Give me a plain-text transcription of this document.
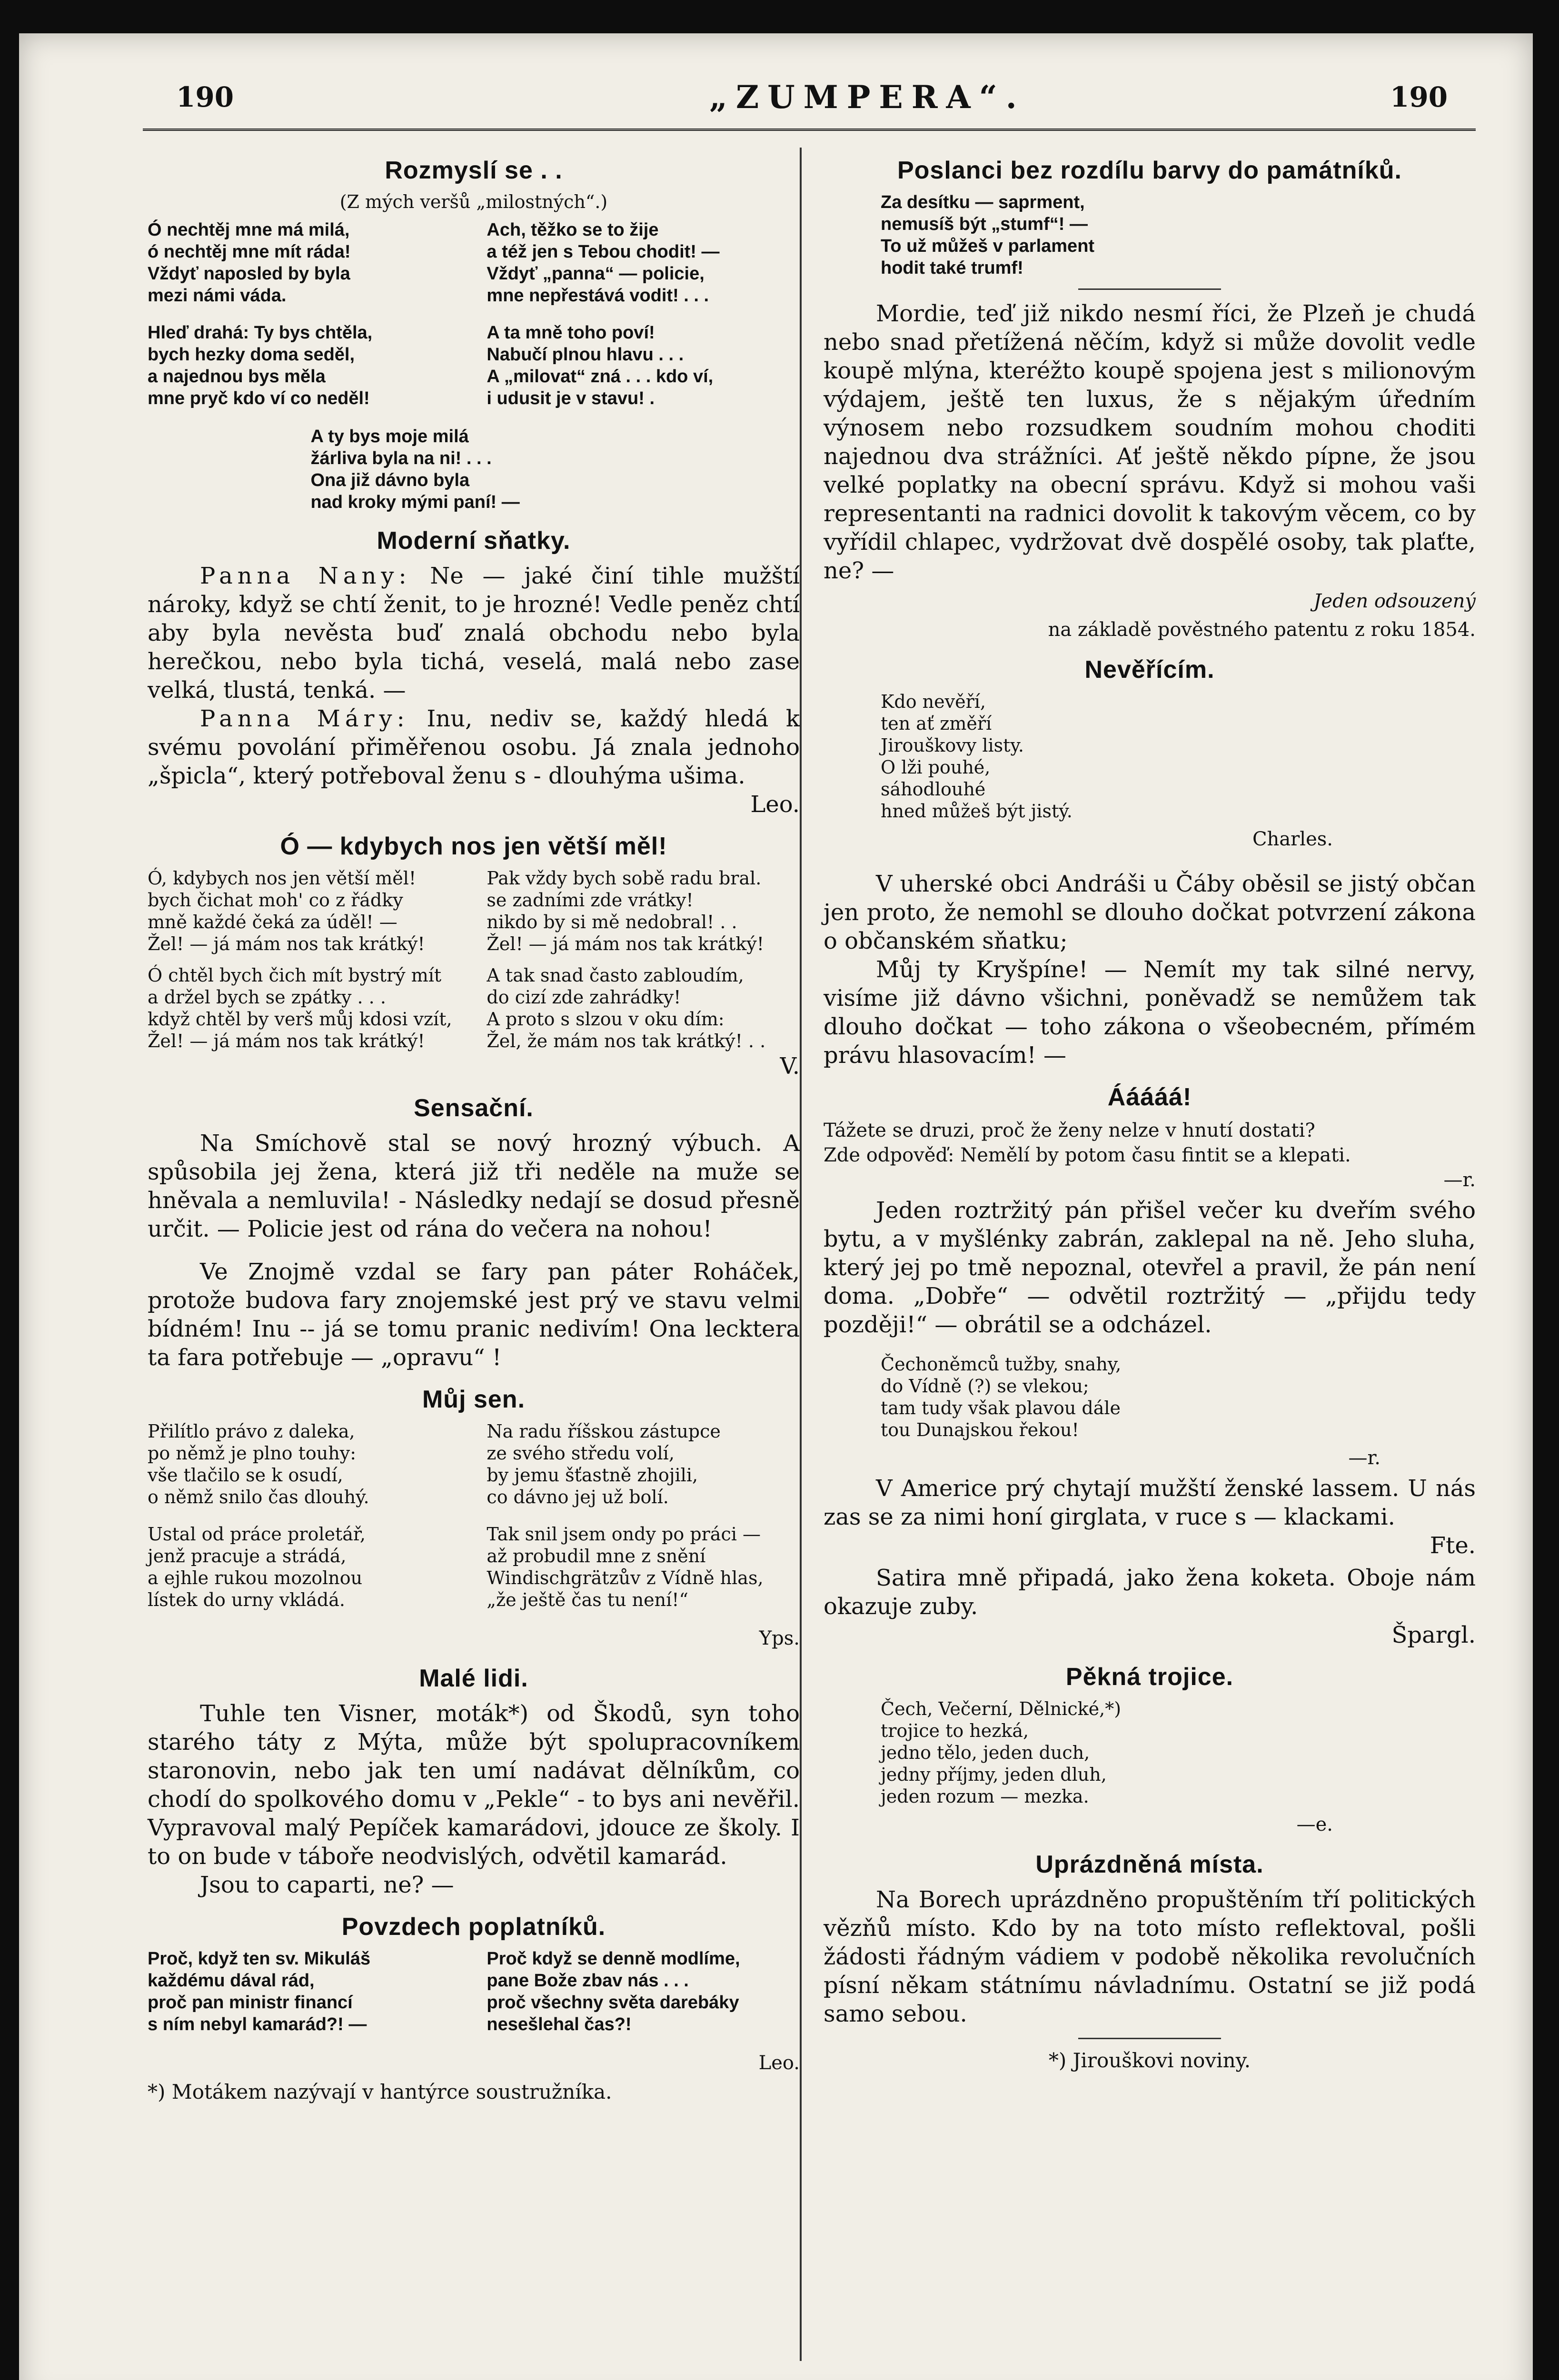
190	„ZUMPERA“.	190
Rozmyslí se . .
(Z mých veršů „milostných“.)
Ó nechtěj mne má milá,
ó nechtěj mne mít ráda!
Vždyť naposled by byla
mezi námi váda.
Ach, těžko se to žije
a též jen s Tebou chodit! —
Vždyť „panna“ — policie,
mne nepřestává vodit! . . .
Hleď drahá: Ty bys chtěla,
bych hezky doma seděl,
a najednou bys měla
mne pryč kdo ví co neděl!
A ta mně toho poví!
Nabučí plnou hlavu . . .
A „milovat“ zná . . . kdo ví,
i udusit je v stavu! .
A ty bys moje milá
žárliva byla na ni! . . .
Ona již dávno byla
nad kroky mými paní! —
Moderní sňatky.

Panna Nany: Ne — jaké činí tihle mužští nároky, když se chtí ženit, to je hrozné! Vedle peněz chtí aby byla nevěsta buď znalá obchodu nebo byla herečkou, nebo byla tichá, veselá, malá nebo zase velká, tlustá, tenká. —

Panna Máry: Inu, nediv se, každý hledá k svému povolání přiměřenou osobu. Já znala jednoho „špicla“, který potřeboval ženu s - dlouhýma ušima.

Leo.
Ó — kdybych nos jen větší měl!
Ó, kdybych nos jen větší měl!	Pak vždy bych sobě radu bral.
bych čichat moh' co z řádky	se zadními zde vrátky!
mně každé čeká za úděl! —	nikdo by si mě nedobral! . .
Žel! — já mám nos tak krátký!	Žel! — já mám nos tak krátký!
Ó chtěl bych čich mít bystrý mít	A tak snad často zabloudím,
a držel bych se zpátky . . .	do cizí zde zahrádky!
když chtěl by verš můj kdosi vzít,	A proto s slzou v oku dím:
Žel! — já mám nos tak krátký!	Žel, že mám nos tak krátký! . .
V.
Sensační.

Na Smíchově stal se nový hrozný výbuch. A spůsobila jej žena, která již tři neděle na muže se hněvala a nemluvila! - Následky nedají se dosud přesně určit. — Policie jest od rána do večera na nohou!

Ve Znojmě vzdal se fary pan páter Roháček, protože budova fary znojemské jest prý ve stavu velmi bídném! Inu -- já se tomu pranic nedivím! Ona lecktera ta fara potřebuje — „opravu“ !

Můj sen.
Přilítlo právo z daleka,
po němž je plno touhy:
vše tlačilo se k osudí,
o němž snilo čas dlouhý.
Na radu říšskou zástupce
ze svého středu volí,
by jemu šťastně zhojili,
co dávno jej už bolí.
Ustal od práce proletář,
jenž pracuje a strádá,
a ejhle rukou mozolnou
lístek do urny vkládá.
Tak snil jsem ondy po práci —
až probudil mne z snění
Windischgrätzův z Vídně hlas,
„že ještě čas tu není!“
Yps.
Malé lidi.

Tuhle ten Visner, moták*) od Škodů, syn toho starého táty z Mýta, může být spolupracovníkem staronovin, nebo jak ten umí nadávat dělníkům, co chodí do spolkového domu v „Pekle“ - to bys ani nevěřil. Vypravoval malý Pepíček kamarádovi, jdouce ze školy. I to on bude v táboře neodvislých, odvětil kamarád.

Jsou to caparti, ne? —

Povzdech poplatníků.
Proč, když ten sv. Mikuláš
každému dával rád,
proč pan ministr financí
s ním nebyl kamarád?! —
Proč když se denně modlíme,
pane Bože zbav nás . . .
proč všechny světa darebáky
nesešlehal čas?!
Leo.
*) Motákem nazývají v hantýrce soustružníka.
Poslanci bez rozdílu barvy do památníků.
Za desítku — saprment,
nemusíš být „stumf“! —
To už můžeš v parlament
hodit také trumf!

Mordie, teď již nikdo nesmí říci, že Plzeň je chudá nebo snad přetížená něčím, když si může dovolit vedle koupě mlýna, kteréžto koupě spojena jest s milionovým výdajem, ještě ten luxus, že s nějakým úředním výnosem nebo rozsudkem soudním mohou choditi najednou dva strážníci. Ať ještě někdo pípne, že jsou velké poplatky na obecní správu. Když si mohou vaši representanti na radnici dovolit k takovým věcem, co by vyřídil chlapec, vydržovat dvě dospělé osoby, tak plaťte, ne? —

Jeden odsouzený
na základě pověstného patentu z roku 1854.
Nevěřícím.
Kdo nevěří,
ten ať změří
Jirouškovy listy.
O lži pouhé,
sáhodlouhé
hned můžeš být jistý.
Charles.

V uherské obci Andráši u Čáby oběsil se jistý občan jen proto, že nemohl se dlouho dočkat potvrzení zákona o občanském sňatku;

Můj ty Kryšpíne! — Nemít my tak silné nervy, visíme již dávno všichni, poněvadž se nemůžem tak dlouho dočkat — toho zákona o všeobecném, přímém právu hlasovacím! —

Ááááá!

Tážete se druzi, proč že ženy nelze v hnutí dostati?

Zde odpověď: Nemělí by potom času fintit se a klepati.

—r.

Jeden roztržitý pán přišel večer ku dveřím svého bytu, a v myšlénky zabrán, zaklepal na ně. Jeho sluha, který jej po tmě nepoznal, otevřel a pravil, že pán není doma. „Dobře“ — odvětil roztržitý — „přijdu tedy později!“ — obrátil se a odcházel.

Čechoněmců tužby, snahy,
do Vídně (?) se vlekou;
tam tudy však plavou dále
tou Dunajskou řekou!
—r.

V Americe prý chytají mužští ženské lassem. U nás zas se za nimi honí girglata, v ruce s — klackami.

Fte.

Satira mně připadá, jako žena koketa. Oboje nám okazuje zuby.

Špargl.
Pěkná trojice.
Čech, Večerní, Dělnické,*)
trojice to hezká,
jedno tělo, jeden duch,
jedny příjmy, jeden dluh,
jeden rozum — mezka.
—e.
Uprázdněná místa.

Na Borech uprázdněno propuštěním tří politických vězňů místo. Kdo by na toto místo reflektoval, pošli žádosti řádným vádiem v podobě několika revolučních písní někam státnímu návladnímu. Ostatní se již podá samo sebou.

*) Jirouškovi noviny.
